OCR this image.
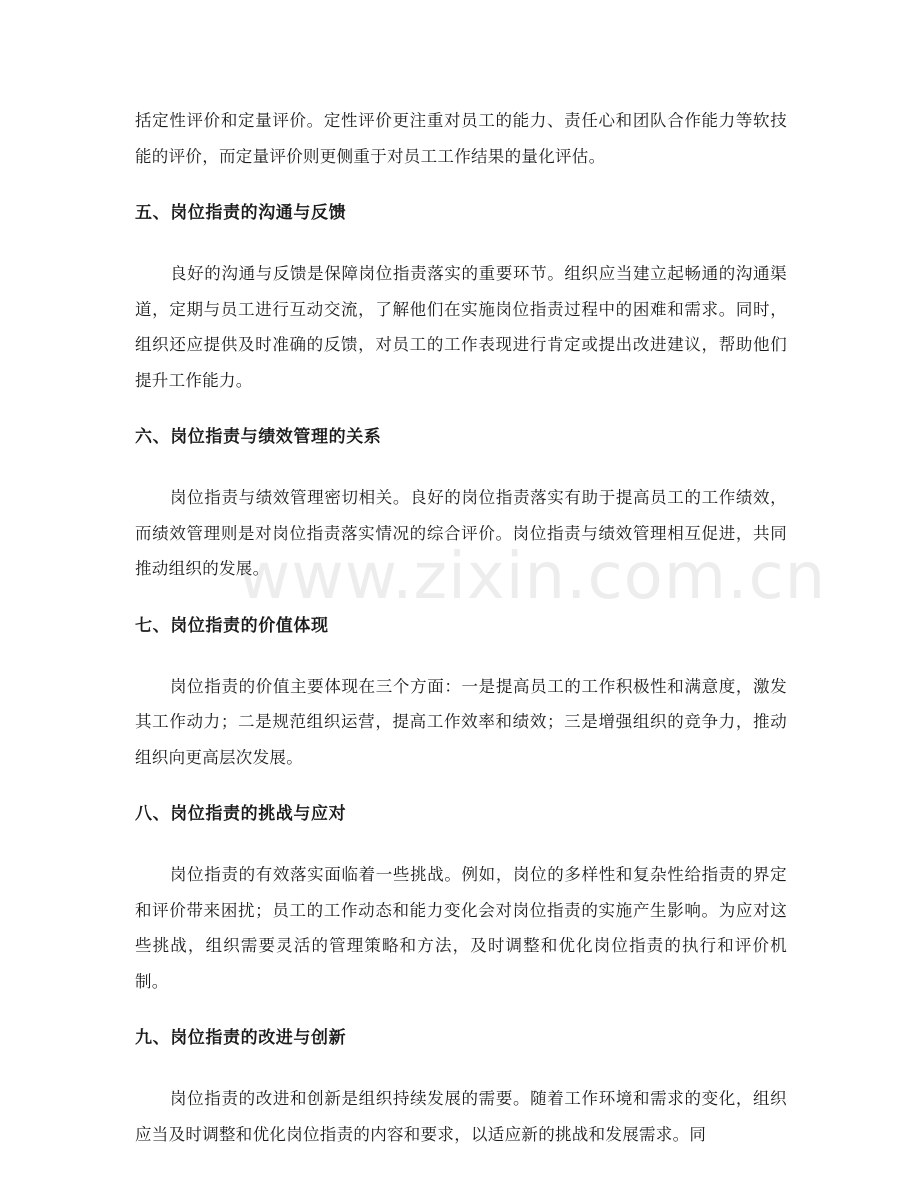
www.zixin.com.cn

括定性评价和定量评价。定性评价更注重对员工的能力、责任心和团队合作能力等软技能的评价，而定量评价则更侧重于对员工工作结果的量化评估。

五、岗位指责的沟通与反馈

良好的沟通与反馈是保障岗位指责落实的重要环节。组织应当建立起畅通的沟通渠道，定期与员工进行互动交流，了解他们在实施岗位指责过程中的困难和需求。同时，组织还应提供及时准确的反馈，对员工的工作表现进行肯定或提出改进建议，帮助他们提升工作能力。

六、岗位指责与绩效管理的关系

岗位指责与绩效管理密切相关。良好的岗位指责落实有助于提高员工的工作绩效，而绩效管理则是对岗位指责落实情况的综合评价。岗位指责与绩效管理相互促进，共同推动组织的发展。

七、岗位指责的价值体现

岗位指责的价值主要体现在三个方面：一是提高员工的工作积极性和满意度，激发其工作动力；二是规范组织运营，提高工作效率和绩效；三是增强组织的竞争力，推动组织向更高层次发展。

八、岗位指责的挑战与应对

岗位指责的有效落实面临着一些挑战。例如，岗位的多样性和复杂性给指责的界定和评价带来困扰；员工的工作动态和能力变化会对岗位指责的实施产生影响。为应对这些挑战，组织需要灵活的管理策略和方法，及时调整和优化岗位指责的执行和评价机制。

九、岗位指责的改进与创新

岗位指责的改进和创新是组织持续发展的需要。随着工作环境和需求的变化，组织应当及时调整和优化岗位指责的内容和要求，以适应新的挑战和发展需求。同
